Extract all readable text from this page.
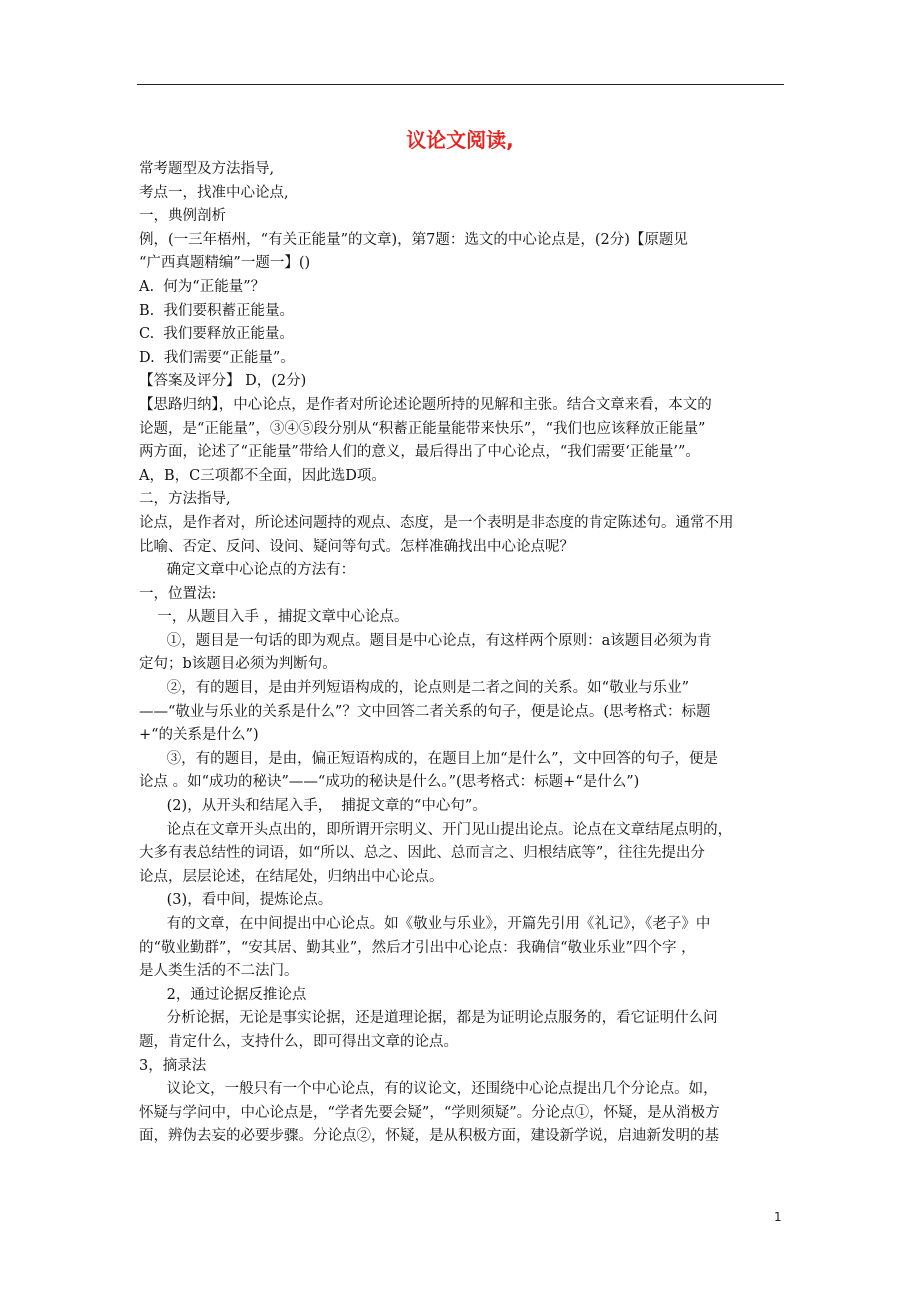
议论文阅读,
常考题型及方法指导,
考点一，找准中心论点,
一，典例剖析
例，(一三年梧州，“有关正能量”的文章)，第7题：选文的中心论点是，(2分)【原题见
“广西真题精编”一题一】()
A.  何为“正能量”？
B.  我们要积蓄正能量。
C.  我们要释放正能量。
D.  我们需要“正能量”。
【答案及评分】 D，(2分)
【思路归纳】，中心论点，是作者对所论述论题所持的见解和主张。结合文章来看，本文的
论题，是“正能量”，③④⑤段分别从“积蓄正能量能带来快乐”，“我们也应该释放正能量”
两方面，论述了“正能量”带给人们的意义，最后得出了中心论点，“我们需要‘正能量’”。
A，B，C三项都不全面，因此选D项。
二，方法指导,
论点，是作者对，所论述问题持的观点、态度，是一个表明是非态度的肯定陈述句。通常不用
比喻、否定、反问、设问、疑问等句式。怎样准确找出中心论点呢？
确定文章中心论点的方法有：
一，位置法:
一，从题目入手 ，捕捉文章中心论点。
①，题目是一句话的即为观点。题目是中心论点，有这样两个原则：a该题目必须为肯
定句；b该题目必须为判断句。
②，有的题目，是由并列短语构成的，论点则是二者之间的关系。如“敬业与乐业”
——“敬业与乐业的关系是什么”？文中回答二者关系的句子，便是论点。(思考格式：标题
+“的关系是什么”)
③，有的题目，是由，偏正短语构成的，在题目上加“是什么”，文中回答的句子，便是
论点 。如“成功的秘诀”——“成功的秘诀是什么。”(思考格式：标题+“是什么”)
(2)，从开头和结尾入手，  捕捉文章的“中心句”。
论点在文章开头点出的，即所谓开宗明义、开门见山提出论点。论点在文章结尾点明的，
大多有表总结性的词语，如“所以、总之、因此、总而言之、归根结底等”，往往先提出分
论点，层层论述，在结尾处，归纳出中心论点。
(3)，看中间，提炼论点。
有的文章，在中间提出中心论点。如《敬业与乐业》，开篇先引用《礼记》，《老子》中
的“敬业勤群”，“安其居、勤其业”，然后才引出中心论点：我确信“敬业乐业”四个字 ，
是人类生活的不二法门。
2，通过论据反推论点
分析论据，无论是事实论据，还是道理论据，都是为证明论点服务的，看它证明什么问
题，肯定什么，支持什么，即可得出文章的论点。
3，摘录法
议论文，一般只有一个中心论点，有的议论文，还围绕中心论点提出几个分论点。如，
怀疑与学问中，中心论点是，“学者先要会疑”，“学则须疑”。分论点①，怀疑，是从消极方
面，辨伪去妄的必要步骤。分论点②，怀疑，是从积极方面，建设新学说，启迪新发明的基
1
